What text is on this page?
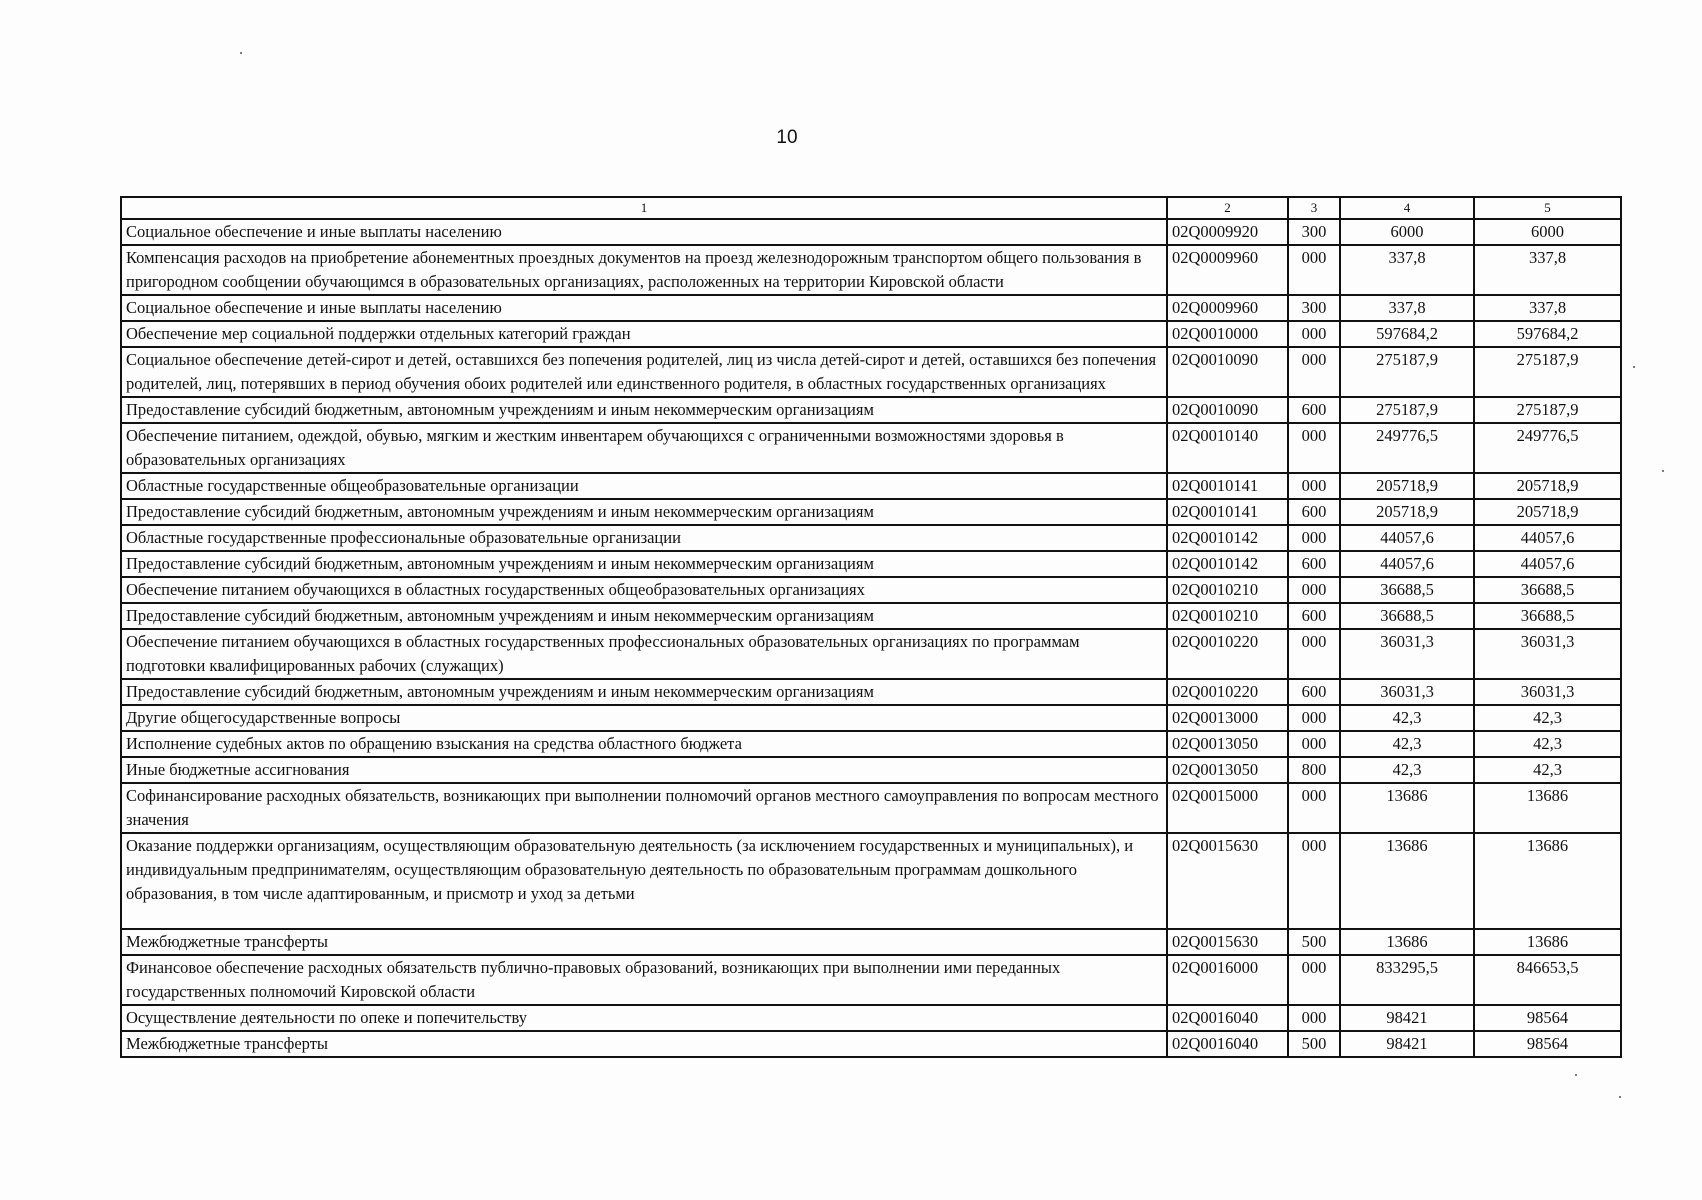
10
1	2	3	4	5
Социальное обеспечение и иные выплаты населению	02Q0009920	300	6000	6000
Компенсация расходов на приобретение абонементных проездных документов на проезд железнодорожным транспортом общего пользования в пригородном сообщении обучающимся в образовательных организациях, расположенных на территории Кировской области	02Q0009960	000	337,8	337,8
Социальное обеспечение и иные выплаты населению	02Q0009960	300	337,8	337,8
Обеспечение мер социальной поддержки отдельных категорий граждан	02Q0010000	000	597684,2	597684,2
Социальное обеспечение детей-сирот и детей, оставшихся без попечения родителей, лиц из числа детей-сирот и детей, оставшихся без попечения родителей, лиц, потерявших в период обучения обоих родителей или единственного родителя, в областных государственных организациях	02Q0010090	000	275187,9	275187,9
Предоставление субсидий бюджетным, автономным учреждениям и иным некоммерческим организациям	02Q0010090	600	275187,9	275187,9
Обеспечение питанием, одеждой, обувью, мягким и жестким инвентарем обучающихся с ограниченными возможностями здоровья в образовательных организациях	02Q0010140	000	249776,5	249776,5
Областные государственные общеобразовательные организации	02Q0010141	000	205718,9	205718,9
Предоставление субсидий бюджетным, автономным учреждениям и иным некоммерческим организациям	02Q0010141	600	205718,9	205718,9
Областные государственные профессиональные образовательные организации	02Q0010142	000	44057,6	44057,6
Предоставление субсидий бюджетным, автономным учреждениям и иным некоммерческим организациям	02Q0010142	600	44057,6	44057,6
Обеспечение питанием обучающихся в областных государственных общеобразовательных организациях	02Q0010210	000	36688,5	36688,5
Предоставление субсидий бюджетным, автономным учреждениям и иным некоммерческим организациям	02Q0010210	600	36688,5	36688,5
Обеспечение питанием обучающихся в областных государственных профессиональных образовательных организациях по программам подготовки квалифицированных рабочих (служащих)	02Q0010220	000	36031,3	36031,3
Предоставление субсидий бюджетным, автономным учреждениям и иным некоммерческим организациям	02Q0010220	600	36031,3	36031,3
Другие общегосударственные вопросы	02Q0013000	000	42,3	42,3
Исполнение судебных актов по обращению взыскания на средства областного бюджета	02Q0013050	000	42,3	42,3
Иные бюджетные ассигнования	02Q0013050	800	42,3	42,3
Софинансирование расходных обязательств, возникающих при выполнении полномочий органов местного самоуправления по вопросам местного значения	02Q0015000	000	13686	13686
Оказание поддержки организациям, осуществляющим образовательную деятельность (за исключением государственных и муниципальных), и индивидуальным предпринимателям, осуществляющим образовательную деятельность по образовательным программам дошкольного образования, в том числе адаптированным, и присмотр и уход за детьми	02Q0015630	000	13686	13686
Межбюджетные трансферты	02Q0015630	500	13686	13686
Финансовое обеспечение расходных обязательств публично-правовых образований, возникающих при выполнении ими переданных государственных полномочий Кировской области	02Q0016000	000	833295,5	846653,5
Осуществление деятельности по опеке и попечительству	02Q0016040	000	98421	98564
Межбюджетные трансферты	02Q0016040	500	98421	98564
